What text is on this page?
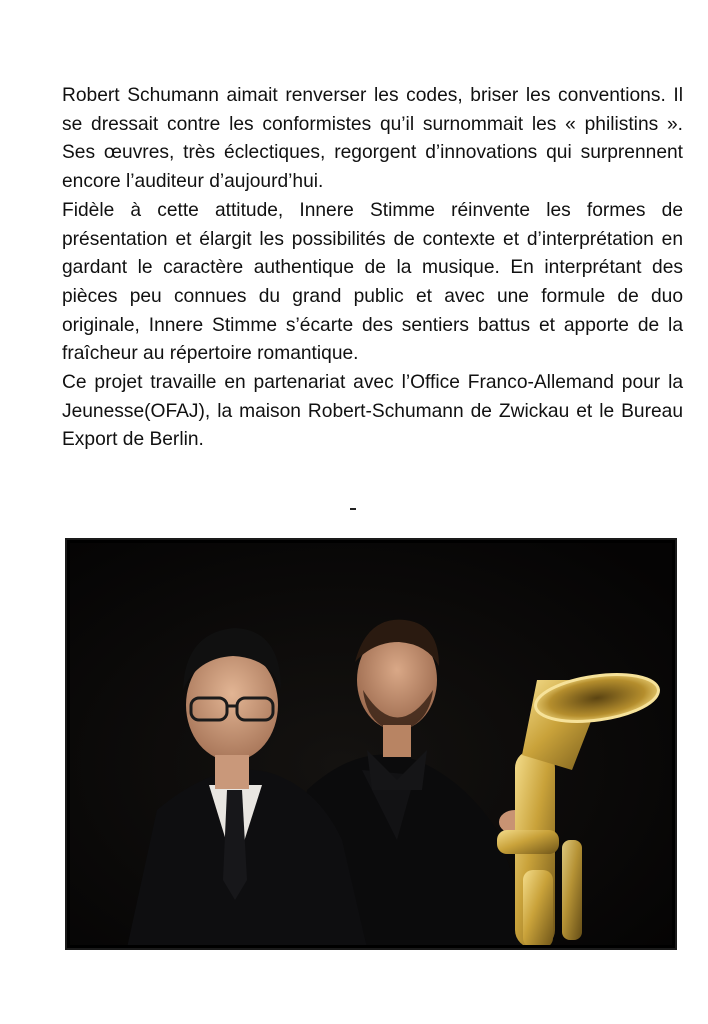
Robert Schumann aimait renverser les codes, briser les conventions. Il se dressait contre les conformistes qu’il surnommait les « philistins ». Ses œuvres, très éclectiques, regorgent d’innovations qui surprennent encore l’auditeur d’aujourd’hui.

Fidèle à cette attitude, Innere Stimme réinvente les formes de présentation et élargit les possibilités de contexte et d’interprétation en gardant le caractère authentique de la musique. En interprétant des pièces peu connues du grand public et avec une formule de duo originale, Innere Stimme s’écarte des sentiers battus et apporte de la fraîcheur au répertoire romantique.

Ce projet travaille en partenariat avec l’Office Franco-Allemand pour la Jeunesse(OFAJ), la maison Robert-Schumann de Zwickau et le Bureau Export de Berlin.
